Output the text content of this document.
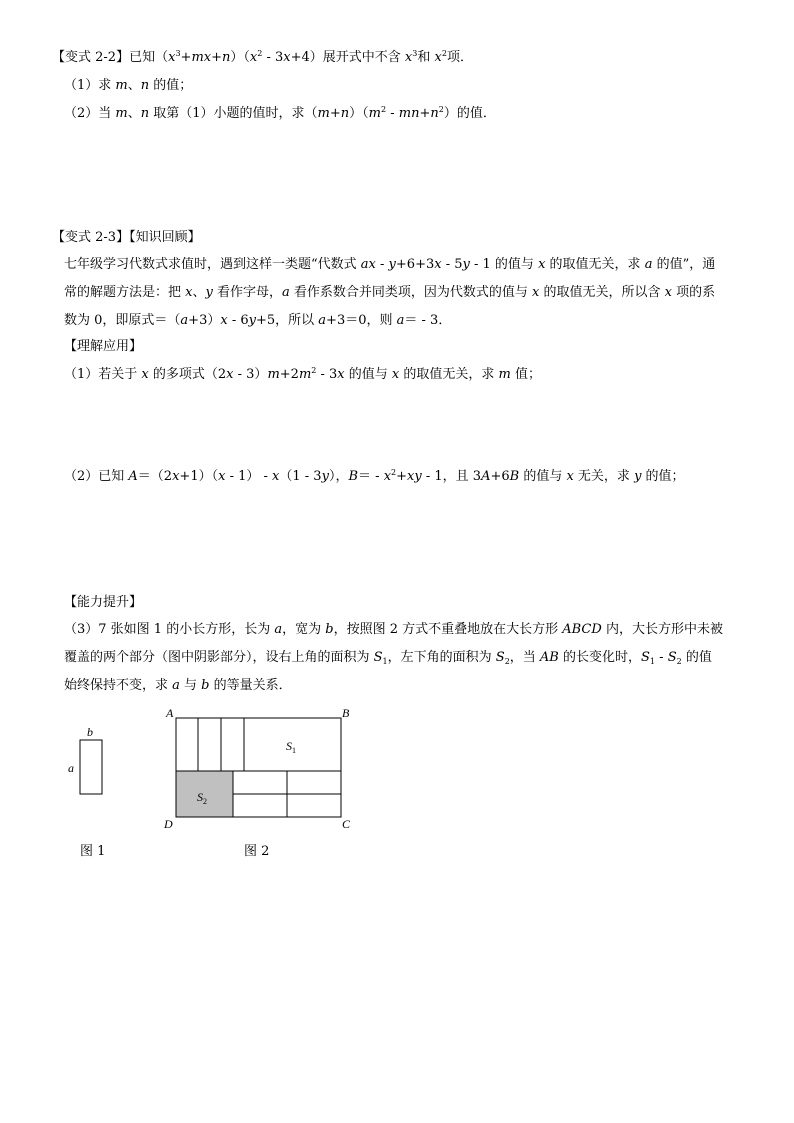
【变式 2-2】已知$(x^3+mx+n)(x^2 - 3x+4)$展开式中不含 $x^3$和 $x^2$项．
（1）求 m、n 的值；
（2）当 m、n 取第（1）小题的值时，求$(m+n)(m^2 - mn+n^2)$的值．
【变式 2-3】【知识回顾】
七年级学习代数式求值时，遇到这样一类题“代数式 ax - y+6+3x - 5y - 1 的值与 x 的取值无关，求 a 的值”，通
常的解题方法是：把 x、y 看作字母，a 看作系数合并同类项，因为代数式的值与 x 的取值无关，所以含 x 项的系
数为 0，即原式＝（a+3）x - 6y+5，所以 a+3＝0，则 a＝ - 3．
【理解应用】
（1）若关于 x 的多项式$(2x - 3)m+2m^2 - 3x$ 的值与 x 的取值无关，求 m 值；
（2）已知 A＝（2x+1）（x - 1） - x（1 - 3y），$B= - x^2+xy - 1$，且 3A+6B 的值与 x 无关，求 y 的值；
【能力提升】
（3）7 张如图 1 的小长方形，长为 a，宽为 b，按照图 2 方式不重叠地放在大长方形 ABCD 内，大长方形中未被
覆盖的两个部分（图中阴影部分），设右上角的面积为 $S_1$，左下角的面积为 $S_2$，当 AB 的长变化时，$S_1 - S_2$ 的值
始终保持不变，求 a 与 b 的等量关系．
b
a
图 1
A	B
D	C
$S_1$
$S_2$
图 2
